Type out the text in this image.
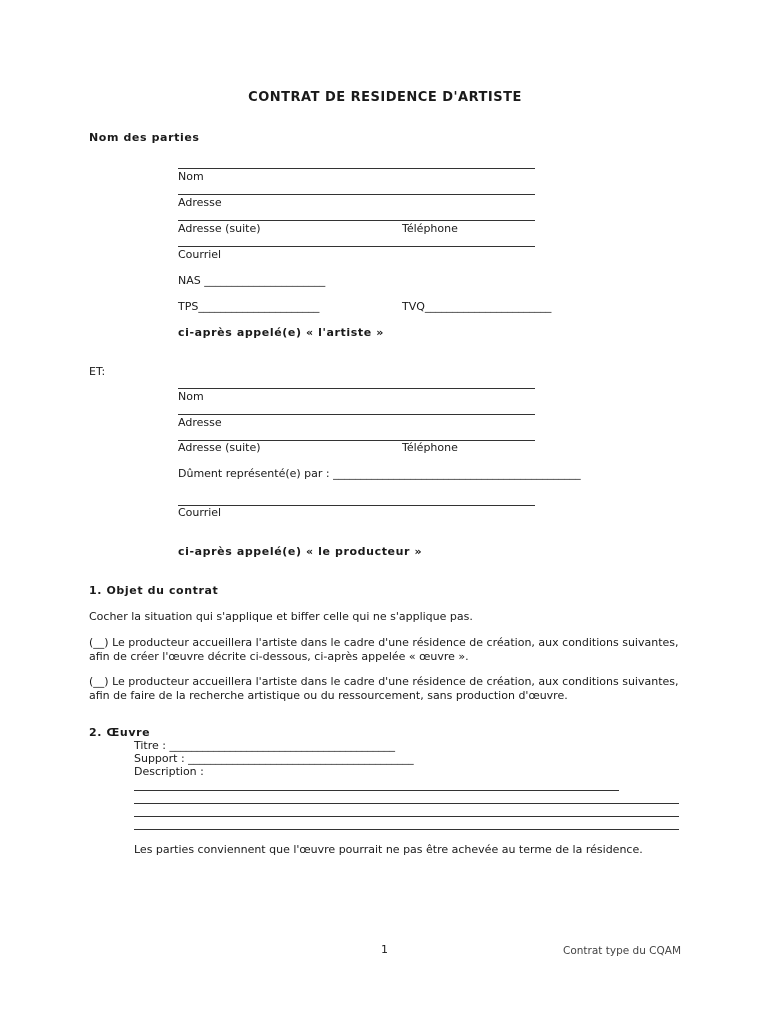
CONTRAT DE RESIDENCE D'ARTISTE
Nom des parties
Nom
Adresse
Adresse (suite)	Téléphone
Courriel
NAS ______________________
TPS______________________	TVQ_______________________
ci-après appelé(e) « l'artiste »
ET:
Nom
Adresse
Adresse (suite)	Téléphone
Dûment représenté(e) par : _____________________________________________
Courriel
ci-après appelé(e) « le producteur »
1. Objet du contrat
Cocher la situation qui s'applique et biffer celle qui ne s'applique pas.
(__) Le producteur accueillera l'artiste dans le cadre d'une résidence de création, aux conditions suivantes, afin de créer l'œuvre décrite ci-dessous, ci-après appelée « œuvre ».
(__) Le producteur accueillera l'artiste dans le cadre d'une résidence de création, aux conditions suivantes, afin de faire de la recherche artistique ou du ressourcement, sans production d'œuvre.
2. Œuvre
Titre : _________________________________________
Support : _________________________________________
Description :
Les parties conviennent que l'œuvre pourrait ne pas être achevée au terme de la résidence.
1	Contrat type du CQAM
